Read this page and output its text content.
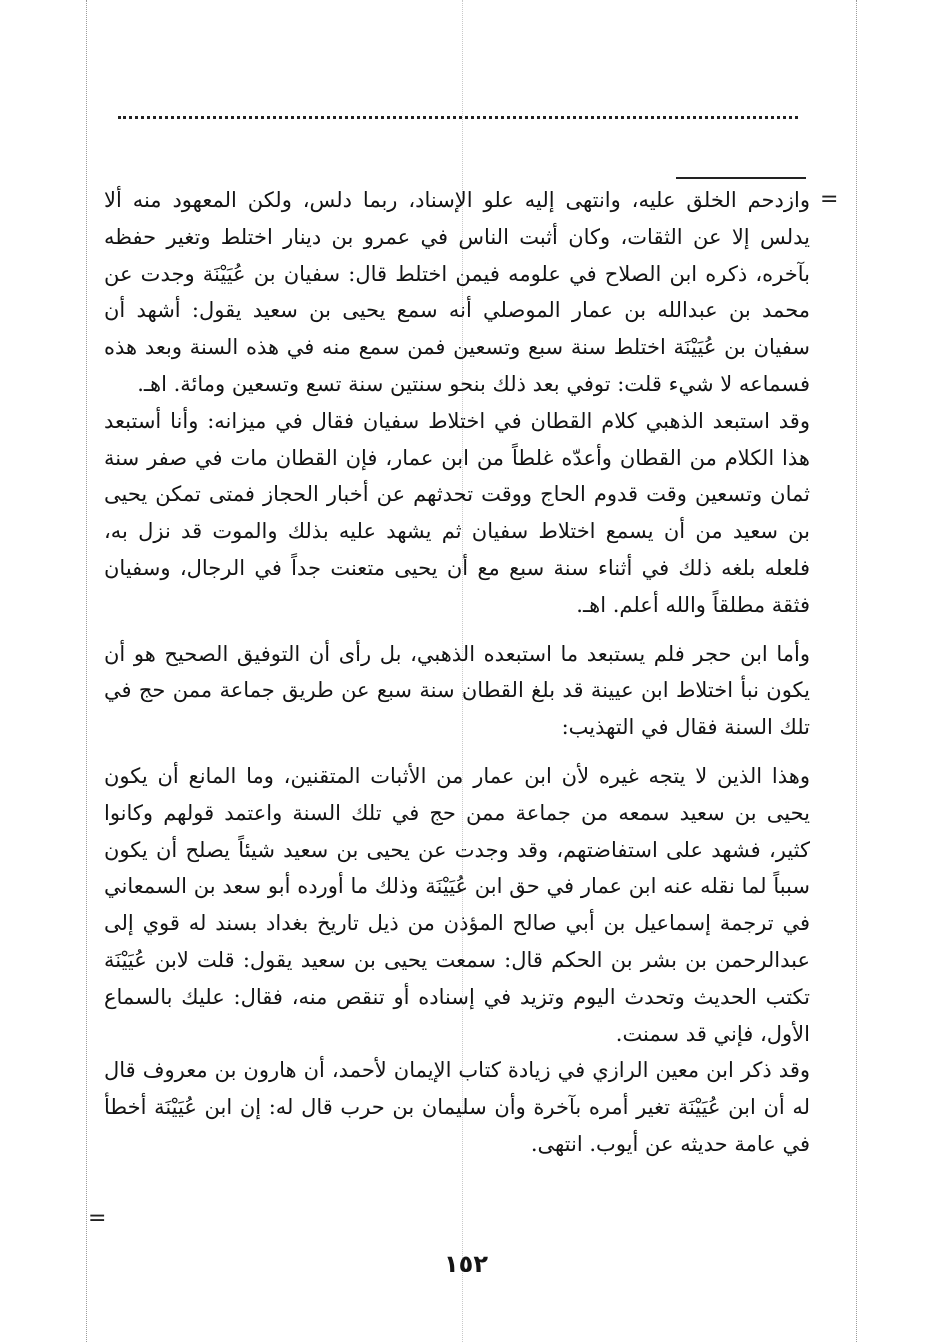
=
=

وازدحم الخلق عليه، وانتهى إليه علو الإسناد، ربما دلس، ولكن المعهود منه ألا يدلس إلا عن الثقات، وكان أثبت الناس في عمرو بن دينار اختلط وتغير حفظه بآخره، ذكره ابن الصلاح في علومه فيمن اختلط قال: سفيان بن عُيَيْنَة وجدت عن محمد بن عبدالله بن عمار الموصلي أنه سمع يحيى بن سعيد يقول: أشهد أن سفيان بن عُيَيْنَة اختلط سنة سبع وتسعين فمن سمع منه في هذه السنة وبعد هذه فسماعه لا شيء قلت: توفي بعد ذلك بنحو سنتين سنة تسع وتسعين ومائة. اهـ.

وقد استبعد الذهبي كلام القطان في اختلاط سفيان فقال في ميزانه: وأنا أستبعد هذا الكلام من القطان وأعدّه غلطاً من ابن عمار، فإن القطان مات في صفر سنة ثمان وتسعين وقت قدوم الحاج ووقت تحدثهم عن أخبار الحجاز فمتى تمكن يحيى بن سعيد من أن يسمع اختلاط سفيان ثم يشهد عليه بذلك والموت قد نزل به، فلعله بلغه ذلك في أثناء سنة سبع مع أن يحيى متعنت جداً في الرجال، وسفيان فثقة مطلقاً والله أعلم. اهـ.

وأما ابن حجر فلم يستبعد ما استبعده الذهبي، بل رأى أن التوفيق الصحيح هو أن يكون نبأ اختلاط ابن عيينة قد بلغ القطان سنة سبع عن طريق جماعة ممن حج في تلك السنة فقال في التهذيب:

وهذا الذين لا يتجه غيره لأن ابن عمار من الأثبات المتقنين، وما المانع أن يكون يحيى بن سعيد سمعه من جماعة ممن حج في تلك السنة واعتمد قولهم وكانوا كثير، فشهد على استفاضتهم، وقد وجدت عن يحيى بن سعيد شيئاً يصلح أن يكون سبباً لما نقله عنه ابن عمار في حق ابن عُيَيْنَة وذلك ما أورده أبو سعد بن السمعاني في ترجمة إسماعيل بن أبي صالح المؤذن من ذيل تاريخ بغداد بسند له قوي إلى عبدالرحمن بن بشر بن الحكم قال: سمعت يحيى بن سعيد يقول: قلت لابن عُيَيْنَة تكتب الحديث وتحدث اليوم وتزيد في إسناده أو تنقص منه، فقال: عليك بالسماع الأول، فإني قد سمنت.

وقد ذكر ابن معين الرازي في زيادة كتاب الإيمان لأحمد، أن هارون بن معروف قال له أن ابن عُيَيْنَة تغير أمره بآخرة وأن سليمان بن حرب قال له: إن ابن عُيَيْنَة أخطأ في عامة حديثه عن أيوب. انتهى.

١٥٢
